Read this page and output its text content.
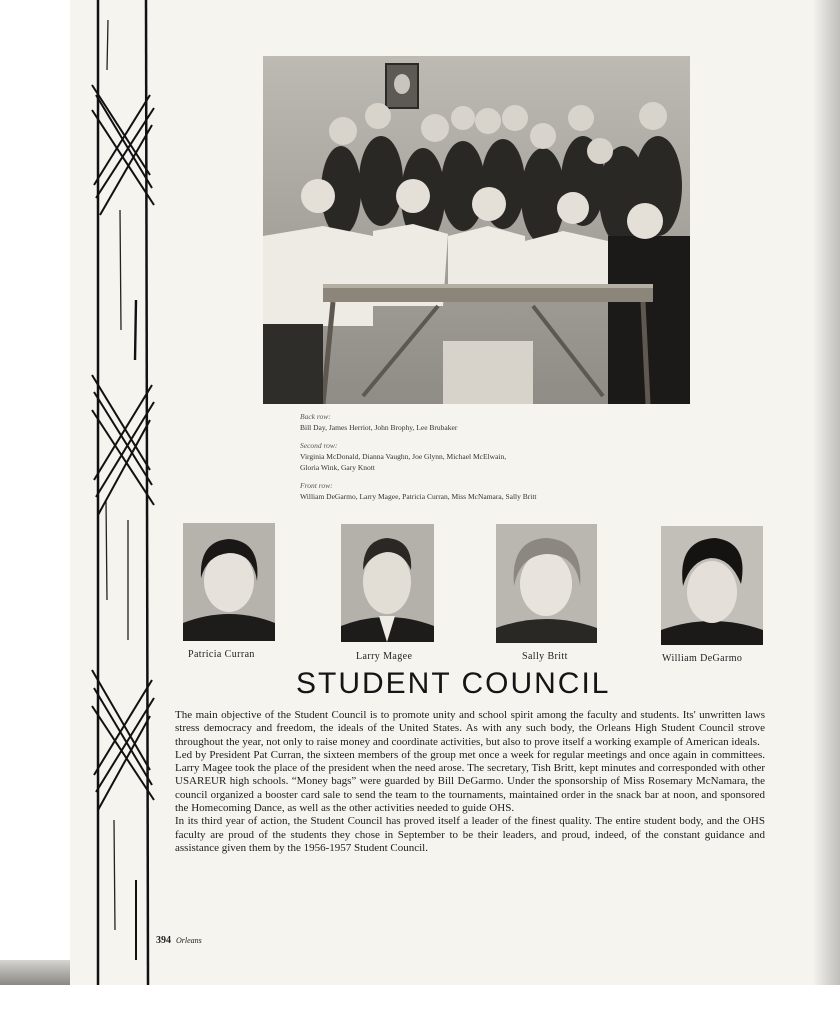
Back row:
Bill Day, James Herriot, John Brophy, Lee Brubaker
Second row:
Virginia McDonald, Dianna Vaughn, Joe Glynn, Michael McElwain,
Gloria Wink, Gary Knott
Front row:
William DeGarmo, Larry Magee, Patricia Curran, Miss McNamara, Sally Britt
Patricia Curran	Larry Magee	Sally Britt	William DeGarmo
STUDENT COUNCIL

The main objective of the Student Council is to promote unity and school spirit among the faculty and students. Its' unwritten laws stress democracy and freedom, the ideals of the United States. As with any such body, the Orleans High Student Council strove throughout the year, not only to raise money and coordinate activities, but also to prove itself a working example of American ideals.

Led by President Pat Curran, the sixteen members of the group met once a week for regular meetings and once again in committees. Larry Magee took the place of the president when the need arose. The secretary, Tish Britt, kept minutes and corresponded with other USAREUR high schools. “Money bags” were guarded by Bill DeGarmo. Under the sponsorship of Miss Rosemary McNamara, the council organized a booster card sale to send the team to the tournaments, maintained order in the snack bar at noon, and sponsored the Homecoming Dance, as well as the other activities needed to guide OHS.

In its third year of action, the Student Council has proved itself a leader of the finest quality. The entire student body, and the OHS faculty are proud of the students they chose in September to be their leaders, and proud, indeed, of the constant guidance and assistance given them by the 1956-1957 Student Council.

394 Orleans
